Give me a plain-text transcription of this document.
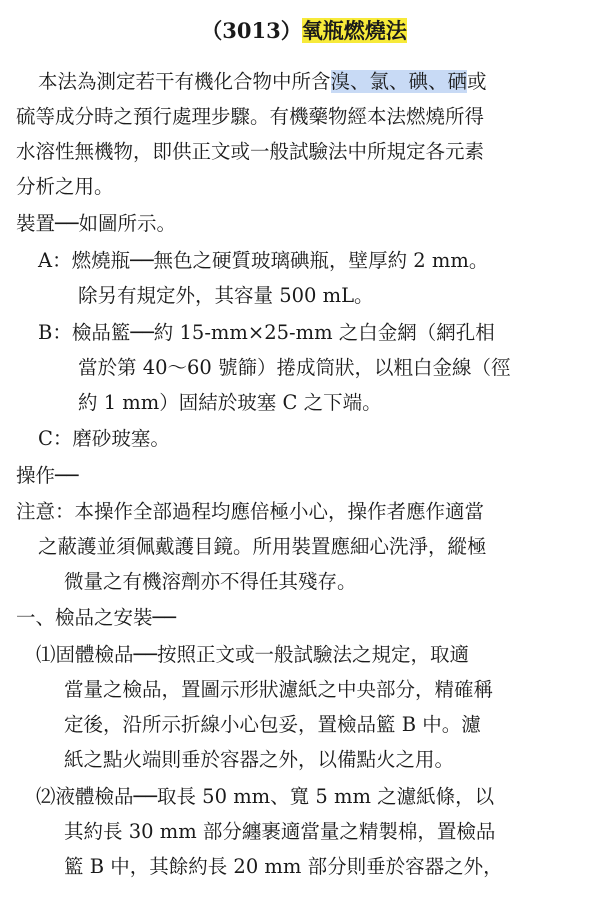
（3013）氧瓶燃燒法
本法為測定若干有機化合物中所含溴、氯、碘、硒或
硫等成分時之預行處理步驟。有機藥物經本法燃燒所得
水溶性無機物，即供正文或一般試驗法中所規定各元素
分析之用。
裝置──如圖所示。
A：燃燒瓶──無色之硬質玻璃碘瓶，壁厚約 2 mm。
除另有規定外，其容量 500 mL。
B：檢品籃──約 15-mm×25-mm 之白金網（網孔相
當於第 40～60 號篩）捲成筒狀，以粗白金線（徑
約 1 mm）固結於玻塞 C 之下端。
C：磨砂玻塞。
操作──
注意：本操作全部過程均應倍極小心，操作者應作適當
之蔽護並須佩戴護目鏡。所用裝置應細心洗淨，縱極
微量之有機溶劑亦不得任其殘存。
一、檢品之安裝──
⑴固體檢品──按照正文或一般試驗法之規定，取適
當量之檢品，置圖示形狀濾紙之中央部分，精確稱
定後，沿所示折線小心包妥，置檢品籃 B 中。濾
紙之點火端則垂於容器之外，以備點火之用。
⑵液體檢品──取長 50 mm、寬 5 mm 之濾紙條，以
其約長 30 mm 部分纏裹適當量之精製棉，置檢品
籃 B 中，其餘約長 20 mm 部分則垂於容器之外，
